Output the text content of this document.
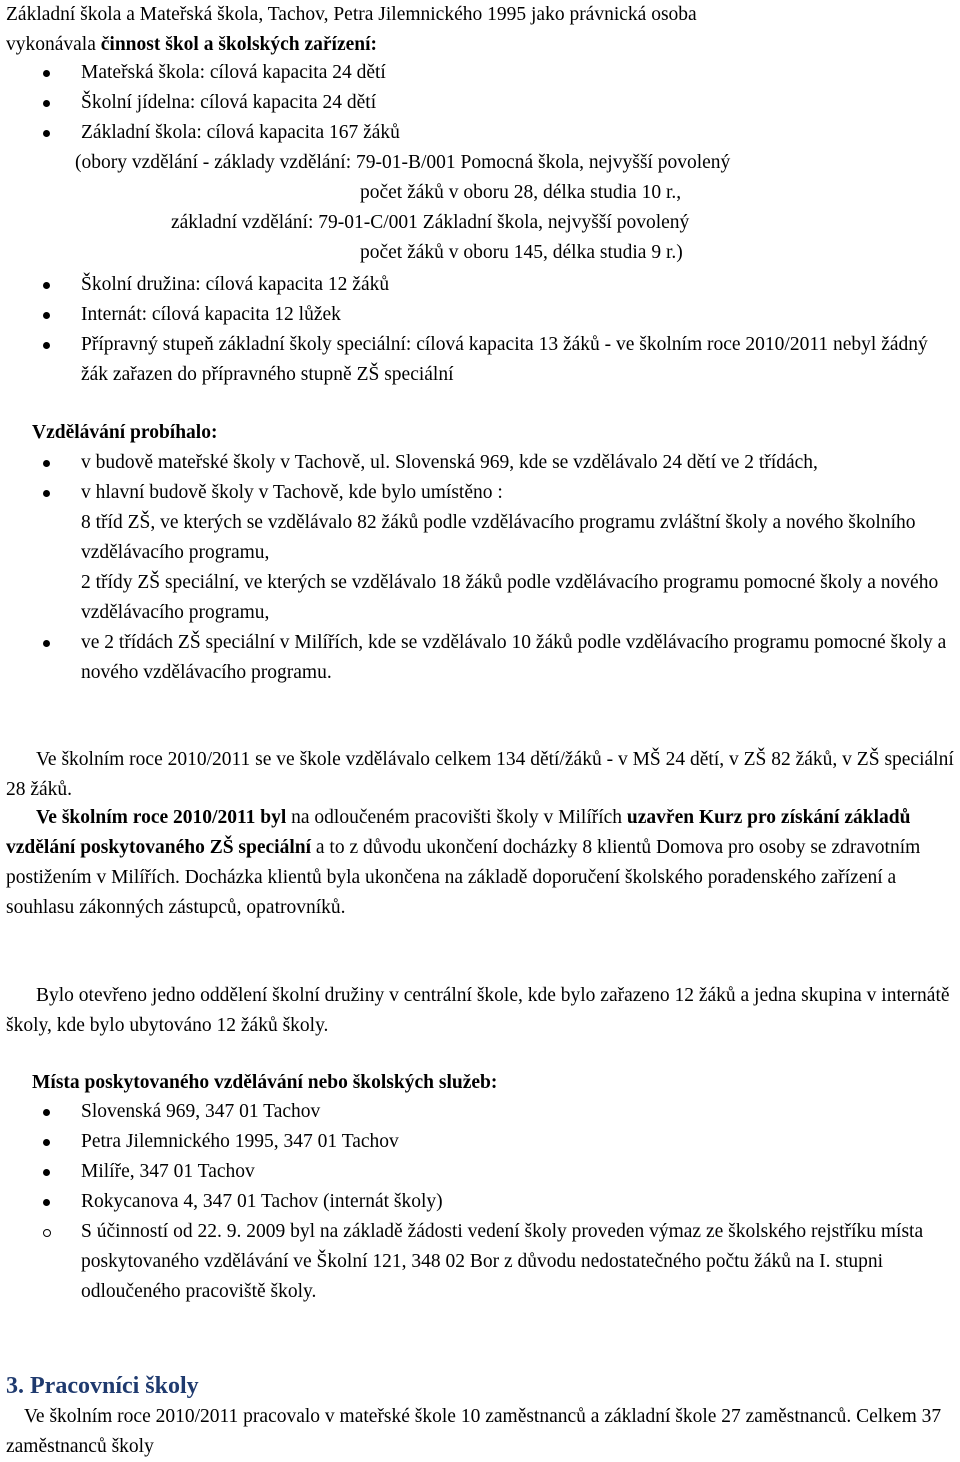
Základní škola a Mateřská škola, Tachov, Petra Jilemnického 1995 jako právnická osoba
vykonávala činnost škol a školských zařízení:

Mateřská škola: cílová kapacita 24 dětí
Školní jídelna: cílová kapacita 24 dětí
Základní škola: cílová kapacita 167 žáků
(obory vzdělání - základy vzdělání: 79-01-B/001 Pomocná škola, nejvyšší povolený
počet žáků v oboru 28, délka studia 10 r.,
základní vzdělání: 79-01-C/001 Základní škola, nejvyšší povolený
počet žáků v oboru 145, délka studia 9 r.)
Školní družina: cílová kapacita 12 žáků
Internát: cílová kapacita 12 lůžek
Přípravný stupeň základní školy speciální: cílová kapacita 13 žáků - ve školním roce 2010/2011 nebyl žádný žák zařazen do přípravného stupně ZŠ speciální

Vzdělávání probíhalo:

v budově mateřské školy v Tachově, ul. Slovenská 969, kde se vzdělávalo 24 dětí ve 2 třídách,
v hlavní budově školy v Tachově, kde bylo umístěno :
8 tříd ZŠ, ve kterých se vzdělávalo 82 žáků podle vzdělávacího programu zvláštní školy a nového školního vzdělávacího programu,
2 třídy ZŠ speciální, ve kterých se vzdělávalo 18 žáků podle vzdělávacího programu pomocné školy a nového vzdělávacího programu,
ve 2 třídách ZŠ speciální v Milířích, kde se vzdělávalo 10 žáků podle vzdělávacího programu pomocné školy a nového vzdělávacího programu.

Ve školním roce 2010/2011 se ve škole vzdělávalo celkem 134 dětí/žáků - v MŠ 24 dětí, v ZŠ 82 žáků, v ZŠ speciální 28 žáků.

Ve školním roce 2010/2011 byl na odloučeném pracovišti školy v Milířích uzavřen Kurz pro získání základů vzdělání poskytovaného ZŠ speciální a to z důvodu ukončení docházky 8 klientů Domova pro osoby se zdravotním postižením v Milířích. Docházka klientů byla ukončena na základě doporučení školského poradenského zařízení a souhlasu zákonných zástupců, opatrovníků.

Bylo otevřeno jedno oddělení školní družiny v centrální škole, kde bylo zařazeno 12 žáků a jedna skupina v internátě školy, kde bylo ubytováno 12 žáků školy.

Místa poskytovaného vzdělávání nebo školských služeb:

Slovenská 969, 347 01 Tachov
Petra Jilemnického 1995, 347 01 Tachov
Milíře, 347 01 Tachov
Rokycanova 4, 347 01 Tachov (internát školy)
S účinností od 22. 9. 2009 byl na základě žádosti vedení školy proveden výmaz ze školského rejstříku místa poskytovaného vzdělávání ve Školní 121, 348 02 Bor z důvodu nedostatečného počtu žáků na I. stupni odloučeného pracoviště školy.
3. Pracovníci školy

Ve školním roce 2010/2011 pracovalo v mateřské škole 10 zaměstnanců a základní škole 27 zaměstnanců. Celkem 37 zaměstnanců školy
